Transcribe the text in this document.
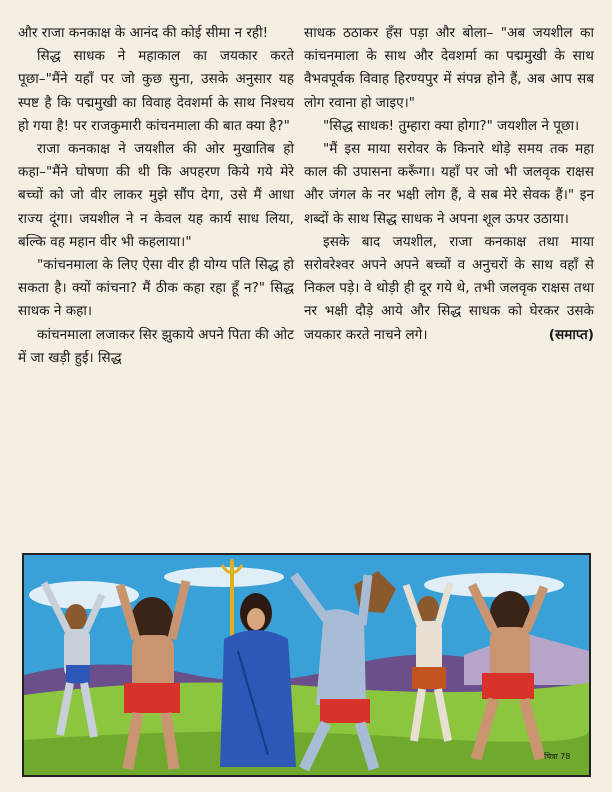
और राजा कनकाक्ष के आनंद की कोई सीमा न रही!

सिद्ध साधक ने महाकाल का जयकार करते पूछा–"मैंने यहाँ पर जो कुछ सुना, उसके अनुसार यह स्पष्ट है कि पद्ममुखी का विवाह देवशर्मा के साथ निश्चय हो गया है! पर राजकुमारी कांचनमाला की बात क्या है?"

राजा कनकाक्ष ने जयशील की ओर मुखातिब हो कहा–"मैंने घोषणा की थी कि अपहरण किये गये मेरे बच्चों को जो वीर लाकर मुझे सौंप देगा, उसे मैं आधा राज्य दूंगा। जयशील ने न केवल यह कार्य साध लिया, बल्कि वह महान वीर भी कहलाया।"

"कांचनमाला के लिए ऐसा वीर ही योग्य पति सिद्ध हो सकता है। क्यों कांचना? मैं ठीक कहा रहा हूँ न?" सिद्ध साधक ने कहा।

कांचनमाला लजाकर सिर झुकाये अपने पिता की ओट में जा खड़ी हुई। सिद्ध

साधक ठठाकर हँस पड़ा और बोला– "अब जयशील का कांचनमाला के साथ और देवशर्मा का पद्ममुखी के साथ वैभवपूर्वक विवाह हिरण्यपुर में संपन्न होने हैं, अब आप सब लोग रवाना हो जाइए।"

"सिद्ध साधक! तुम्हारा क्या होगा?" जयशील ने पूछा।

"मैं इस माया सरोवर के किनारे थोड़े समय तक महा काल की उपासना करूँगा। यहाँ पर जो भी जलवृक राक्षस और जंगल के नर भक्षी लोग हैं, वे सब मेरे सेवक हैं।" इन शब्दों के साथ सिद्ध साधक ने अपना शूल ऊपर उठाया।

इसके बाद जयशील, राजा कनकाक्ष तथा माया सरोवरेश्वर अपने अपने बच्चों व अनुचरों के साथ वहाँ से निकल पड़े। वे थोड़ी ही दूर गये थे, तभी जलवृक राक्षस तथा नर भक्षी दौड़े आये और सिद्ध साधक को घेरकर उसके जयकार करते नाचने लगे।	(समाप्त)

चित्रा 78
